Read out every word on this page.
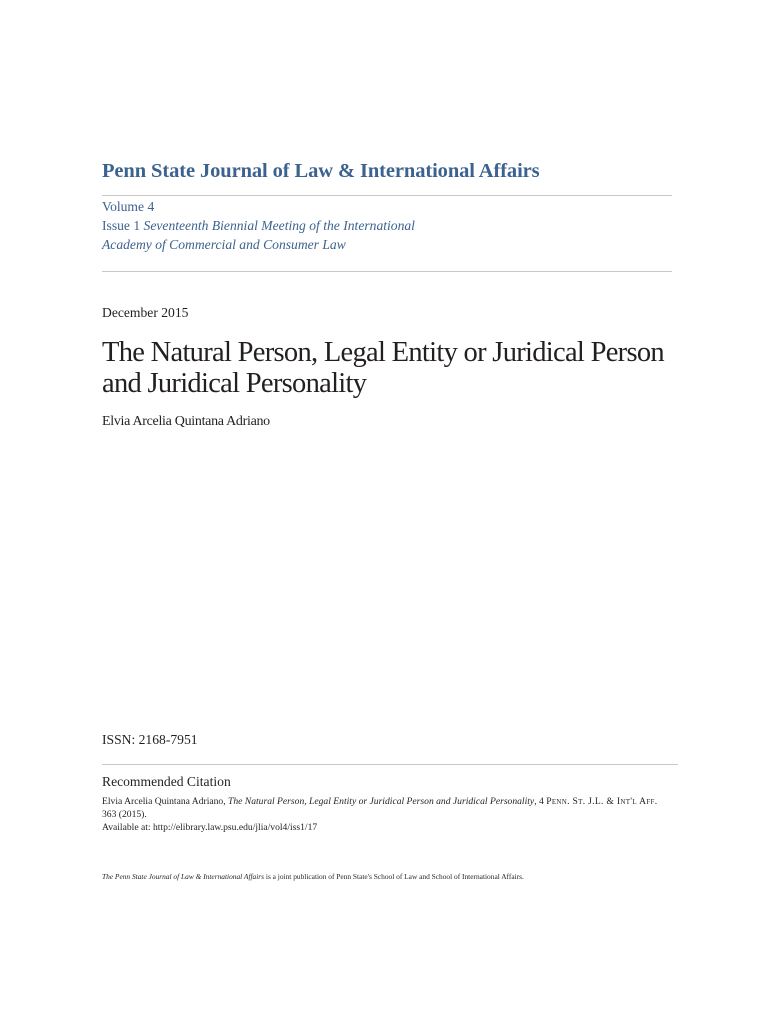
Penn State Journal of Law & International Affairs
Volume 4
Issue 1 Seventeenth Biennial Meeting of the International Academy of Commercial and Consumer Law
December 2015
The Natural Person, Legal Entity or Juridical Person and Juridical Personality
Elvia Arcelia Quintana Adriano
ISSN: 2168-7951
Recommended Citation
Elvia Arcelia Quintana Adriano, The Natural Person, Legal Entity or Juridical Person and Juridical Personality, 4 Penn. St. J.L. & Int'l Aff. 363 (2015).
Available at: http://elibrary.law.psu.edu/jlia/vol4/iss1/17
The Penn State Journal of Law & International Affairs is a joint publication of Penn State's School of Law and School of International Affairs.
